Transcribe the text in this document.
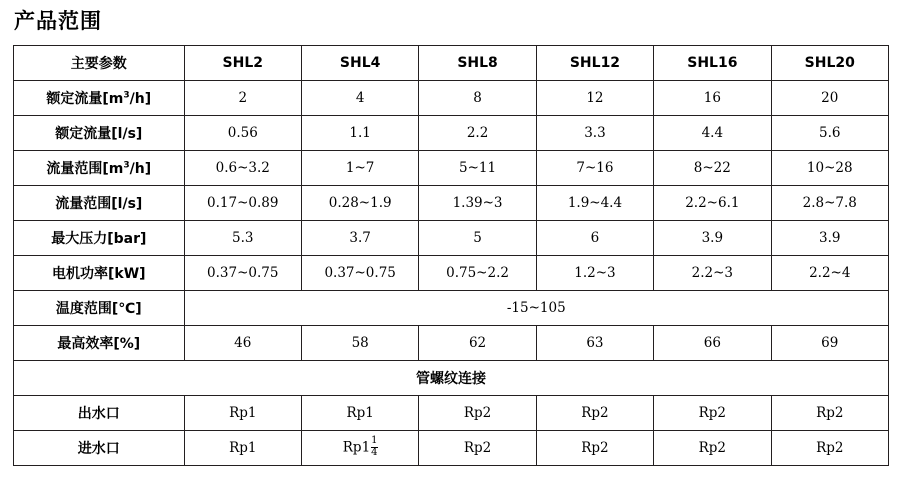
产品范围
主要参数	SHL2	SHL4	SHL8	SHL12	SHL16	SHL20
额定流量$[m^3/h]$	2	4	8	12	16	20
额定流量[l/s]	0.56	1.1	2.2	3.3	4.4	5.6
流量范围$[m^3/h]$	0.6~3.2	1~7	5~11	7~16	8~22	10~28
流量范围[l/s]	0.17~0.89	0.28~1.9	1.39~3	1.9~4.4	2.2~6.1	2.8~7.8
最大压力[bar]	5.3	3.7	5	6	3.9	3.9
电机功率[kW]	0.37~0.75	0.37~0.75	0.75~2.2	1.2~3	2.2~3	2.2~4
温度范围[℃]	-15~105					
最高效率[%]	46	58	62	63	66	69
管螺纹连接						
出水口	Rp1	Rp1	Rp2	Rp2	Rp2	Rp2
进水口	Rp1	$Rp1 \frac{1}{4}$	Rp2	Rp2	Rp2	Rp2
